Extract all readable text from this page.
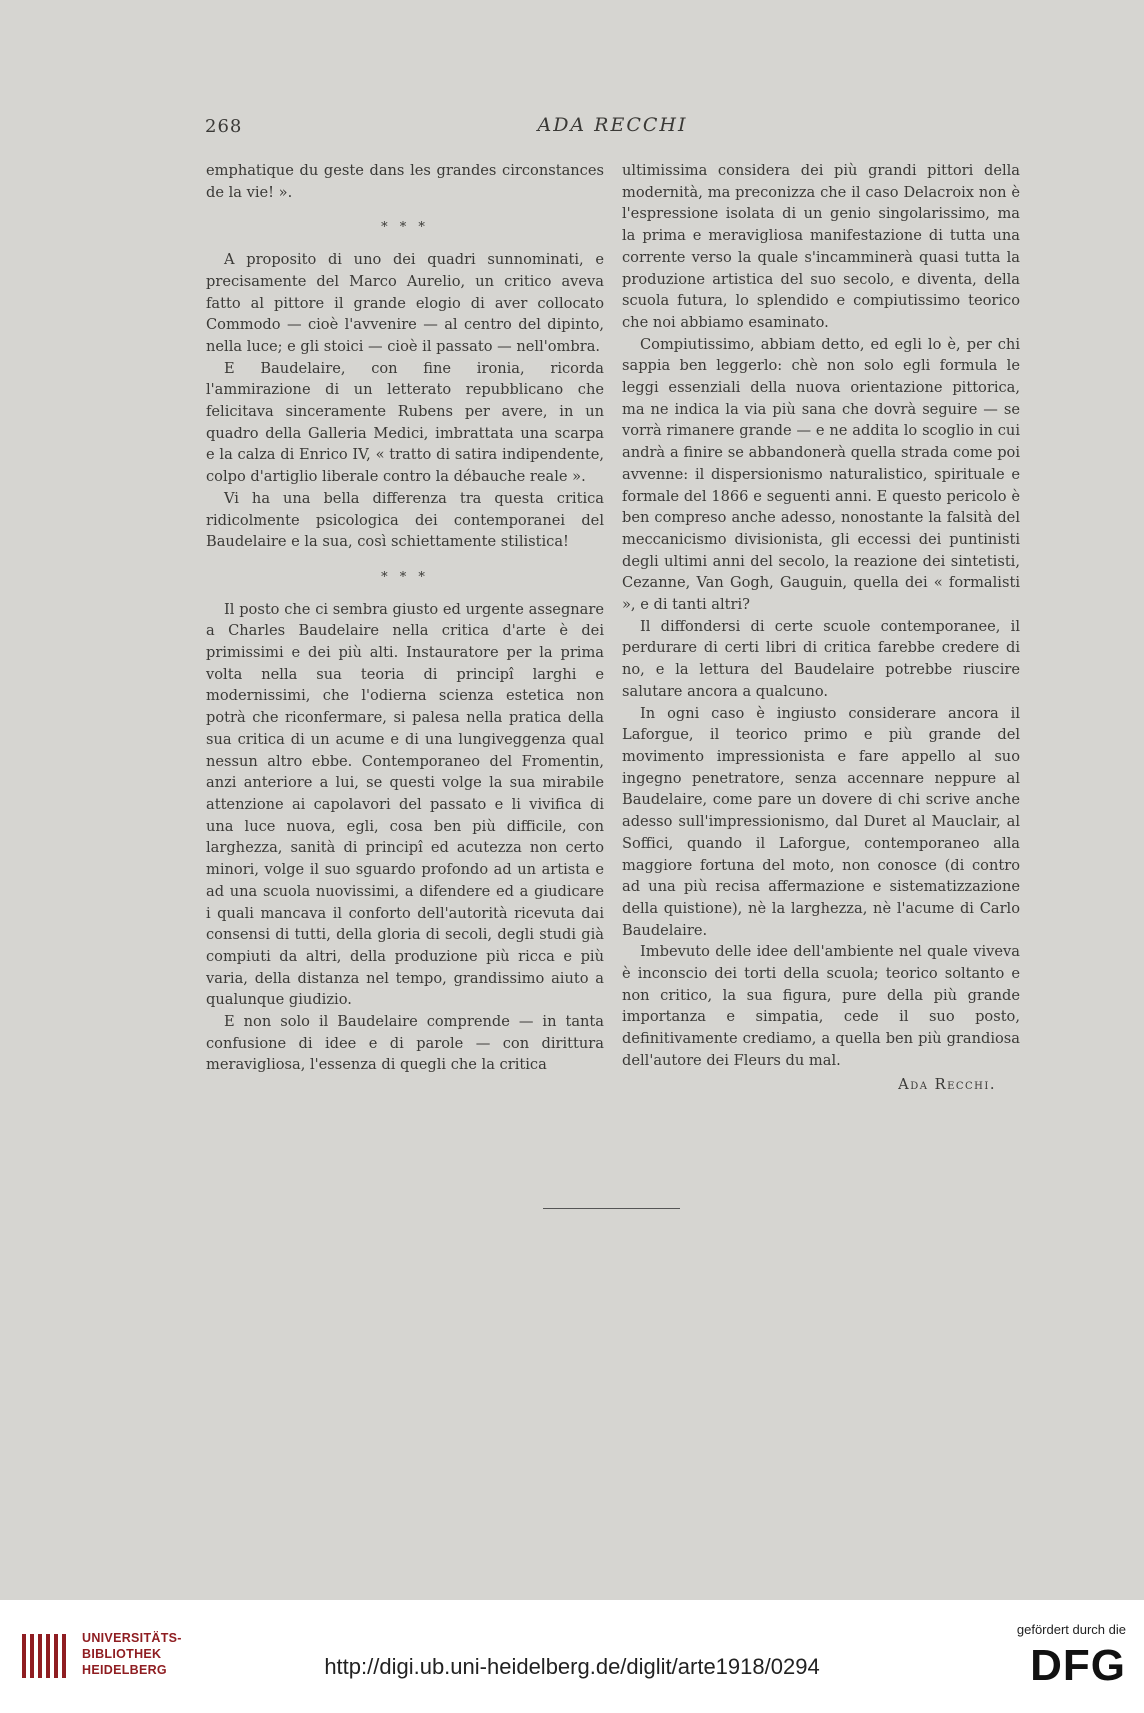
268	ADA RECCHI

emphatique du geste dans les grandes circonstances de la vie! ».

* * *

A proposito di uno dei quadri sunnominati, e precisamente del Marco Aurelio, un critico aveva fatto al pittore il grande elogio di aver collocato Commodo — cioè l'avvenire — al centro del dipinto, nella luce; e gli stoici — cioè il passato — nell'ombra.

E Baudelaire, con fine ironia, ricorda l'ammirazione di un letterato repubblicano che felicitava sinceramente Rubens per avere, in un quadro della Galleria Medici, imbrattata una scarpa e la calza di Enrico IV, « tratto di satira indipendente, colpo d'artiglio liberale contro la débauche reale ».

Vi ha una bella differenza tra questa critica ridicolmente psicologica dei contemporanei del Baudelaire e la sua, così schiettamente stilistica!

* * *

Il posto che ci sembra giusto ed urgente assegnare a Charles Baudelaire nella critica d'arte è dei primissimi e dei più alti. Instauratore per la prima volta nella sua teoria di principî larghi e modernissimi, che l'odierna scienza estetica non potrà che riconfermare, si palesa nella pratica della sua critica di un acume e di una lungiveggenza qual nessun altro ebbe. Contemporaneo del Fromentin, anzi anteriore a lui, se questi volge la sua mirabile attenzione ai capolavori del passato e li vivifica di una luce nuova, egli, cosa ben più difficile, con larghezza, sanità di principî ed acutezza non certo minori, volge il suo sguardo profondo ad un artista e ad una scuola nuovissimi, a difendere ed a giudicare i quali mancava il conforto dell'autorità ricevuta dai consensi di tutti, della gloria di secoli, degli studi già compiuti da altri, della produzione più ricca e più varia, della distanza nel tempo, grandissimo aiuto a qualunque giudizio.

E non solo il Baudelaire comprende — in tanta confusione di idee e di parole — con dirittura meravigliosa, l'essenza di quegli che la critica

ultimissima considera dei più grandi pittori della modernità, ma preconizza che il caso Delacroix non è l'espressione isolata di un genio singolarissimo, ma la prima e meravigliosa manifestazione di tutta una corrente verso la quale s'incamminerà quasi tutta la produzione artistica del suo secolo, e diventa, della scuola futura, lo splendido e compiutissimo teorico che noi abbiamo esaminato.

Compiutissimo, abbiam detto, ed egli lo è, per chi sappia ben leggerlo: chè non solo egli formula le leggi essenziali della nuova orientazione pittorica, ma ne indica la via più sana che dovrà seguire — se vorrà rimanere grande — e ne addita lo scoglio in cui andrà a finire se abbandonerà quella strada come poi avvenne: il dispersionismo naturalistico, spirituale e formale del 1866 e seguenti anni. E questo pericolo è ben compreso anche adesso, nonostante la falsità del meccanicismo divisionista, gli eccessi dei puntinisti degli ultimi anni del secolo, la reazione dei sintetisti, Cezanne, Van Gogh, Gauguin, quella dei « formalisti », e di tanti altri?

Il diffondersi di certe scuole contemporanee, il perdurare di certi libri di critica farebbe credere di no, e la lettura del Baudelaire potrebbe riuscire salutare ancora a qualcuno.

In ogni caso è ingiusto considerare ancora il Laforgue, il teorico primo e più grande del movimento impressionista e fare appello al suo ingegno penetratore, senza accennare neppure al Baudelaire, come pare un dovere di chi scrive anche adesso sull'impressionismo, dal Duret al Mauclair, al Soffici, quando il Laforgue, contemporaneo alla maggiore fortuna del moto, non conosce (di contro ad una più recisa affermazione e sistematizzazione della quistione), nè la larghezza, nè l'acume di Carlo Baudelaire.

Imbevuto delle idee dell'ambiente nel quale viveva è inconscio dei torti della scuola; teorico soltanto e non critico, la sua figura, pure della più grande importanza e simpatia, cede il suo posto, definitivamente crediamo, a quella ben più grandiosa dell'autore dei Fleurs du mal.

Ada Recchi.

UNIVERSITÄTS-
BIBLIOTHEK
HEIDELBERG	http://digi.ub.uni-heidelberg.de/diglit/arte1918/0294
gefördert durch die
DFG
